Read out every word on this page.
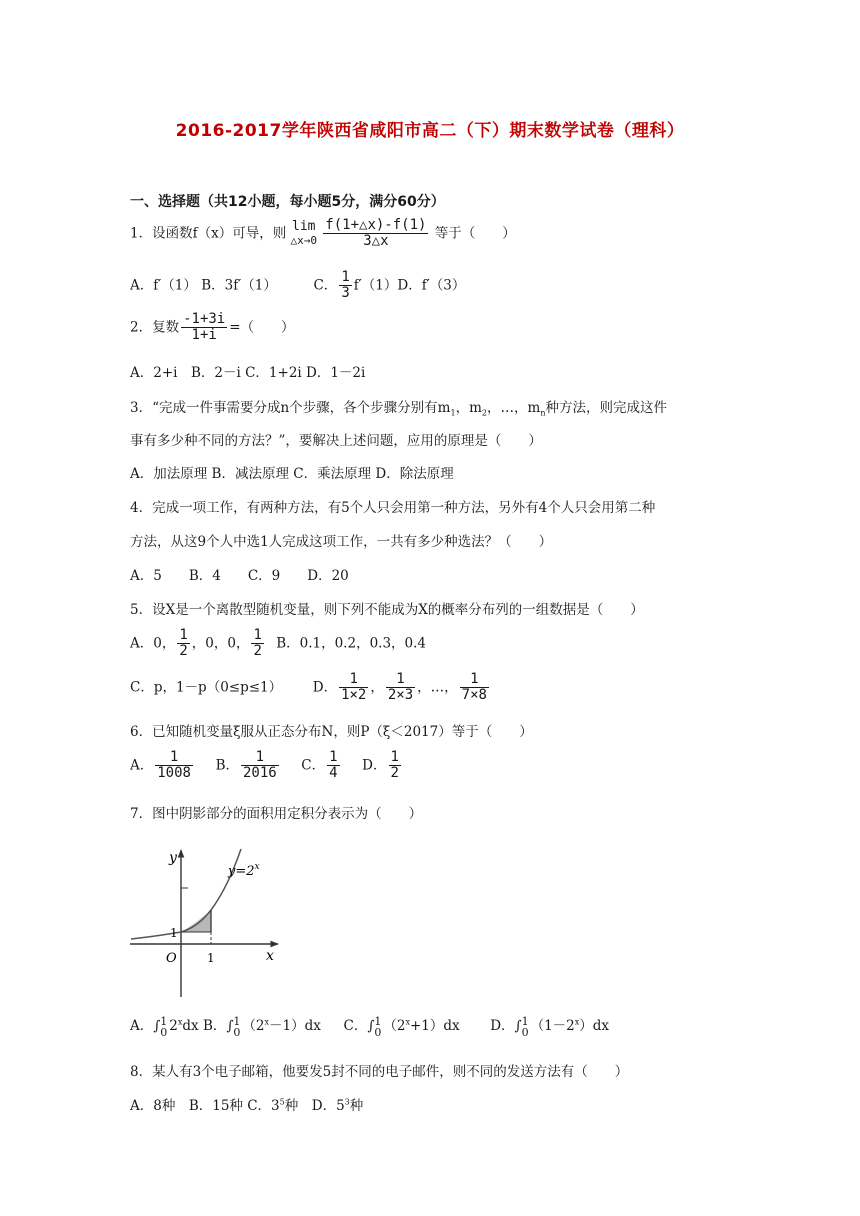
2016-2017学年陕西省咸阳市高二（下）期末数学试卷（理科）
一、选择题（共12小题，每小题5分，满分60分）
1．设函数f（x）可导，则 lim
△x→0
$\frac{f(1+\triangle x)-f(1)}{3\triangle x}$ 等于（　　）
A．f′（1） B．3f′（1）	C． $\frac{1}{3} f'(1)D$．f′（3）
2．复数 $\frac{-1+3i}{1+i}$ =（　　）
A．2+i　B．2－i C．1+2i D．1－2i
3．“完成一件事需要分成n个步骤，各个步骤分别有$m_1$，$m_2$，…，$m_n$种方法，则完成这件
事有多少种不同的方法？”，要解决上述问题，应用的原理是（　　）
A．加法原理 B．减法原理 C．乘法原理 D．除法原理
4．完成一项工作，有两种方法，有5个人只会用第一种方法，另外有4个人只会用第二种
方法，从这9个人中选1人完成这项工作，一共有多少种选法？（　　）
A．5　　B．4　　C．9　　D．20
5．设X是一个离散型随机变量，则下列不能成为X的概率分布列的一组数据是（　　）
A．0， $\frac{1}{2}$ ，0，0， $\frac{1}{2}$ B．0.1，0.2，0.3，0.4
C．p，1－p（0≤p≤1） D． $\frac{1}{1\times 2}$ ， $\frac{1}{2\times 3}$ ，…， $\frac{1}{7\times 8}$
6．已知随机变量ξ服从正态分布N，则P（ξ＜2017）等于（　　）
A． $\frac{1}{1008}$ B． $\frac{1}{2016}$ C． $\frac{1}{4}$ D． $\frac{1}{2}$
7．图中阴影部分的面积用定积分表示为（　　）
y
x
O
1
1
$y=2^x$
A．∫ 1
0 2$^x$dx B．∫ 1
0 $(2^x-1)dx$ C．∫ 1
0 $(2^x+1)dx$ D．∫ 1
0 $(1-2^x)dx$
8．某人有3个电子邮箱，他要发5封不同的电子邮件，则不同的发送方法有（　　）
A．8种　B．15种 C．$3^5$种　D．$5^3$种
